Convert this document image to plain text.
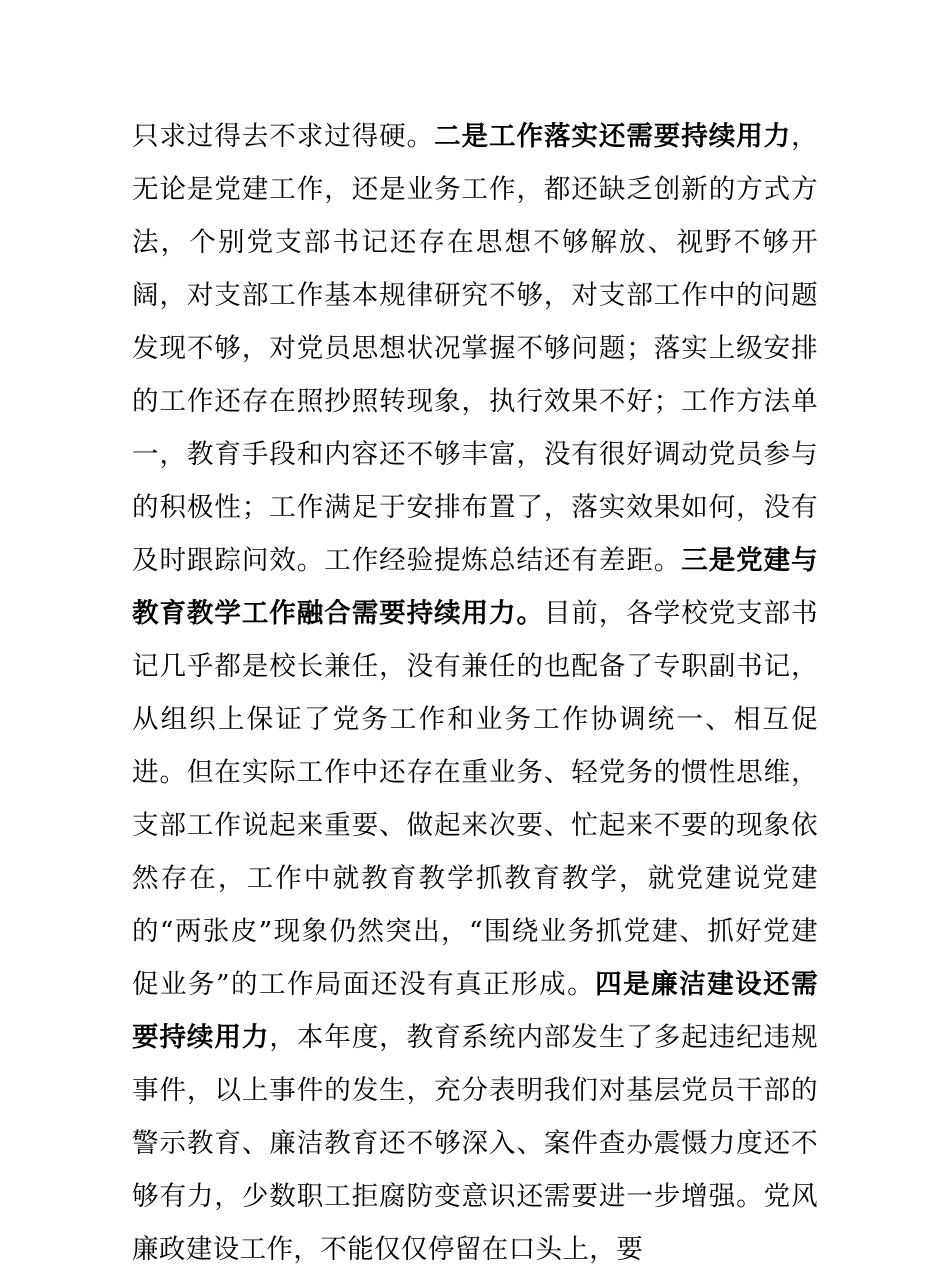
只求过得去不求过得硬。二是工作落实还需要持续用力，无论是党建工作，还是业务工作，都还缺乏创新的方式方法，个别党支部书记还存在思想不够解放、视野不够开阔，对支部工作基本规律研究不够，对支部工作中的问题发现不够，对党员思想状况掌握不够问题；落实上级安排的工作还存在照抄照转现象，执行效果不好；工作方法单一，教育手段和内容还不够丰富，没有很好调动党员参与的积极性；工作满足于安排布置了，落实效果如何，没有及时跟踪问效。工作经验提炼总结还有差距。三是党建与教育教学工作融合需要持续用力。目前，各学校党支部书记几乎都是校长兼任，没有兼任的也配备了专职副书记，从组织上保证了党务工作和业务工作协调统一、相互促进。但在实际工作中还存在重业务、轻党务的惯性思维，支部工作说起来重要、做起来次要、忙起来不要的现象依然存在，工作中就教育教学抓教育教学，就党建说党建的“两张皮”现象仍然突出，“围绕业务抓党建、抓好党建促业务”的工作局面还没有真正形成。四是廉洁建设还需要持续用力，本年度，教育系统内部发生了多起违纪违规事件，以上事件的发生，充分表明我们对基层党员干部的警示教育、廉洁教育还不够深入、案件查办震慑力度还不够有力，少数职工拒腐防变意识还需要进一步增强。党风廉政建设工作，不能仅仅停留在口头上，要
